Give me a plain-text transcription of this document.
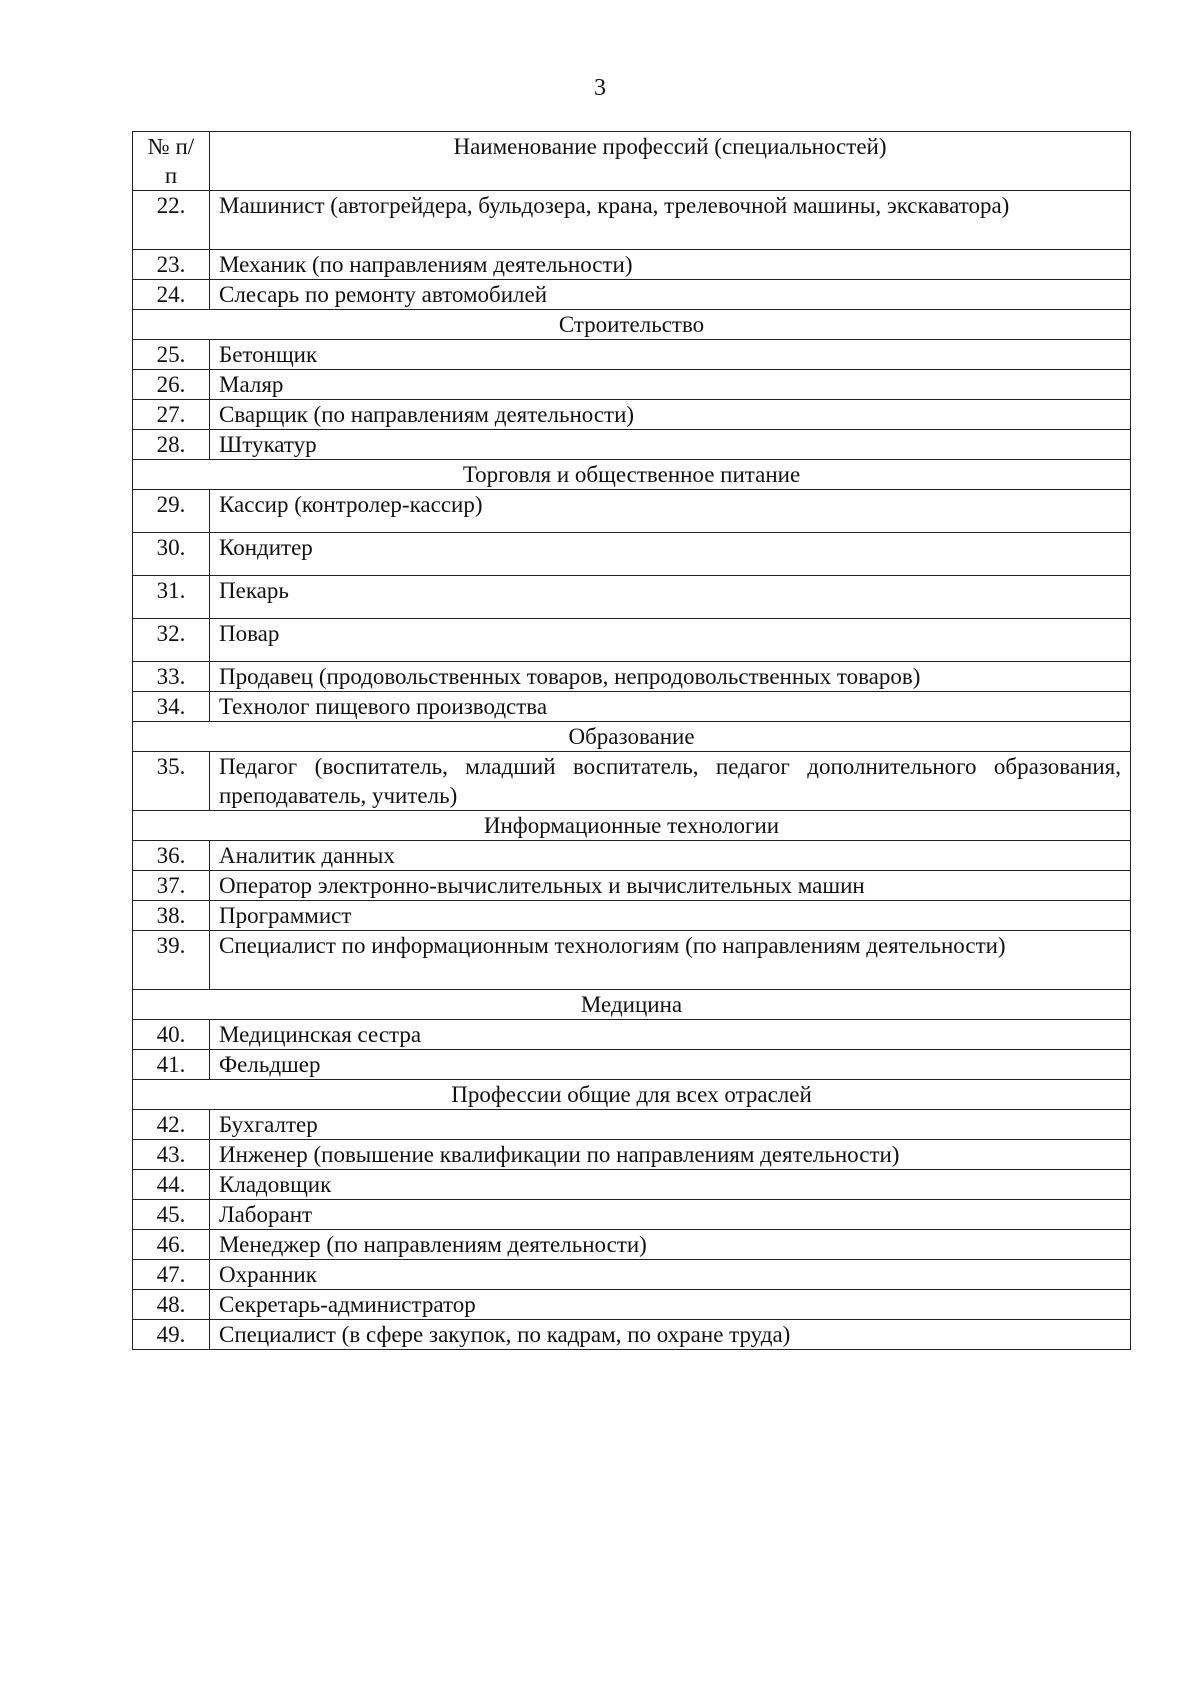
3
№ п/п	Наименование профессий (специальностей)
22.	Машинист (автогрейдера, бульдозера, крана, трелевочной машины, экскаватора)
23.	Механик (по направлениям деятельности)
24.	Слесарь по ремонту автомобилей
Строительство	
25.	Бетонщик
26.	Маляр
27.	Сварщик (по направлениям деятельности)
28.	Штукатур
Торговля и общественное питание	
29.	Кассир (контролер-кассир)
30.	Кондитер
31.	Пекарь
32.	Повар
33.	Продавец (продовольственных товаров, непродовольственных товаров)
34.	Технолог пищевого производства
Образование	
35.	Педагог (воспитатель, младший воспитатель, педагог дополнительного образования, преподаватель, учитель)
Информационные технологии	
36.	Аналитик данных
37.	Оператор электронно-вычислительных и вычислительных машин
38.	Программист
39.	Специалист по информационным технологиям (по направлениям деятельности)
Медицина	
40.	Медицинская сестра
41.	Фельдшер
Профессии общие для всех отраслей	
42.	Бухгалтер
43.	Инженер (повышение квалификации по направлениям деятельности)
44.	Кладовщик
45.	Лаборант
46.	Менеджер (по направлениям деятельности)
47.	Охранник
48.	Секретарь-администратор
49.	Специалист (в сфере закупок, по кадрам, по охране труда)
